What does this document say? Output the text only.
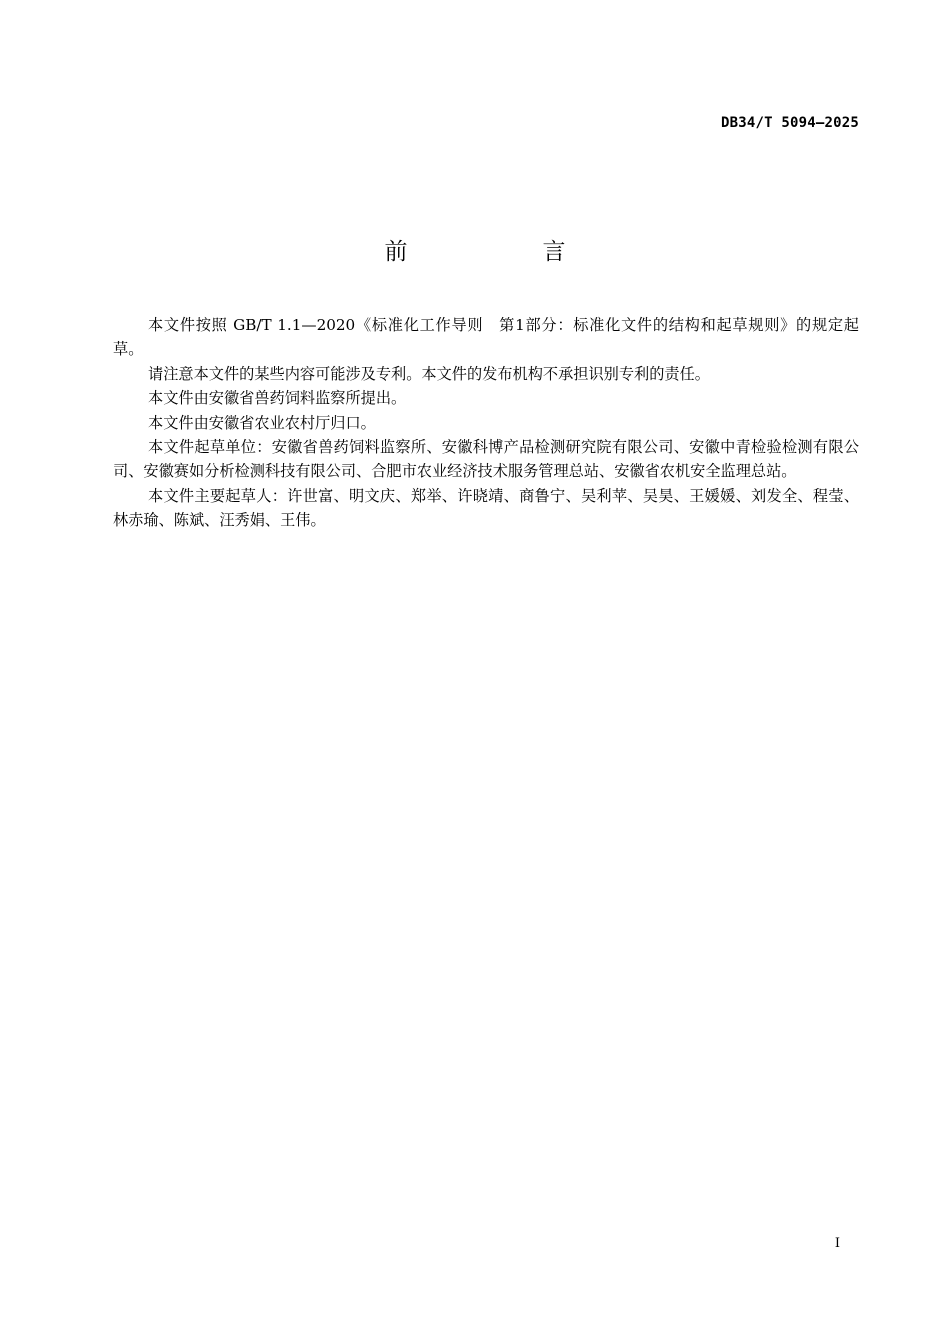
DB34/T 5094—2025
前　言

本文件按照 GB/T 1.1—2020《标准化工作导则　第1部分：标准化文件的结构和起草规则》的规定起草。

请注意本文件的某些内容可能涉及专利。本文件的发布机构不承担识别专利的责任。

本文件由安徽省兽药饲料监察所提出。

本文件由安徽省农业农村厅归口。

本文件起草单位：安徽省兽药饲料监察所、安徽科博产品检测研究院有限公司、安徽中青检验检测有限公司、安徽赛如分析检测科技有限公司、合肥市农业经济技术服务管理总站、安徽省农机安全监理总站。

本文件主要起草人：许世富、明文庆、郑举、许晓靖、商鲁宁、吴利苹、吴昊、王媛媛、刘发全、程莹、林赤瑜、陈斌、汪秀娟、王伟。

I
